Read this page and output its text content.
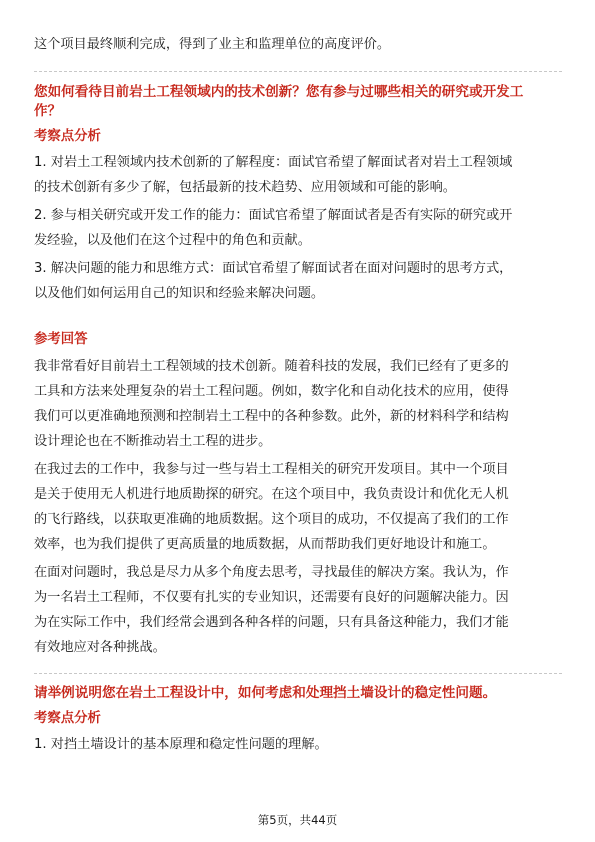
这个项目最终顺利完成，得到了业主和监理单位的高度评价。

您如何看待目前岩土工程领域内的技术创新？您有参与过哪些相关的研究或开发工

作？

考察点分析

1. 对岩土工程领域内技术创新的了解程度：面试官希望了解面试者对岩土工程领域

的技术创新有多少了解，包括最新的技术趋势、应用领域和可能的影响。

2. 参与相关研究或开发工作的能力：面试官希望了解面试者是否有实际的研究或开

发经验，以及他们在这个过程中的角色和贡献。

3. 解决问题的能力和思维方式：面试官希望了解面试者在面对问题时的思考方式，

以及他们如何运用自己的知识和经验来解决问题。

参考回答

我非常看好目前岩土工程领域的技术创新。随着科技的发展，我们已经有了更多的

工具和方法来处理复杂的岩土工程问题。例如，数字化和自动化技术的应用，使得

我们可以更准确地预测和控制岩土工程中的各种参数。此外，新的材料科学和结构

设计理论也在不断推动岩土工程的进步。

在我过去的工作中，我参与过一些与岩土工程相关的研究开发项目。其中一个项目

是关于使用无人机进行地质勘探的研究。在这个项目中，我负责设计和优化无人机

的飞行路线，以获取更准确的地质数据。这个项目的成功，不仅提高了我们的工作

效率，也为我们提供了更高质量的地质数据，从而帮助我们更好地设计和施工。

在面对问题时，我总是尽力从多个角度去思考，寻找最佳的解决方案。我认为，作

为一名岩土工程师，不仅要有扎实的专业知识，还需要有良好的问题解决能力。因

为在实际工作中，我们经常会遇到各种各样的问题，只有具备这种能力，我们才能

有效地应对各种挑战。

请举例说明您在岩土工程设计中，如何考虑和处理挡土墙设计的稳定性问题。

考察点分析

1. 对挡土墙设计的基本原理和稳定性问题的理解。

第5页，共44页
